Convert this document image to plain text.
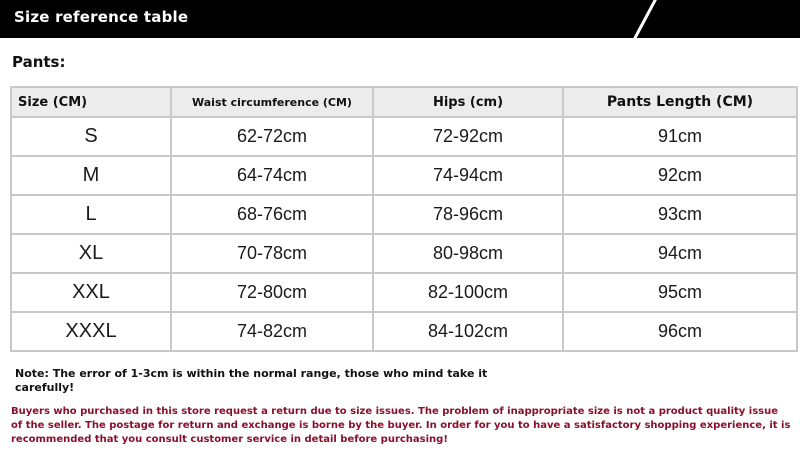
Size reference table
Pants:
Size (CM)	Waist circumference (CM)	Hips (cm)	Pants Length (CM)
S	62-72cm	72-92cm	91cm
M	64-74cm	74-94cm	92cm
L	68-76cm	78-96cm	93cm
XL	70-78cm	80-98cm	94cm
XXL	72-80cm	82-100cm	95cm
XXXL	74-82cm	84-102cm	96cm
Note: The error of 1-3cm is within the normal range, those who mind take it carefully!
Buyers who purchased in this store request a return due to size issues. The problem of inappropriate size is not a product quality issue of the seller. The postage for return and exchange is borne by the buyer. In order for you to have a satisfactory shopping experience, it is recommended that you consult customer service in detail before purchasing!
